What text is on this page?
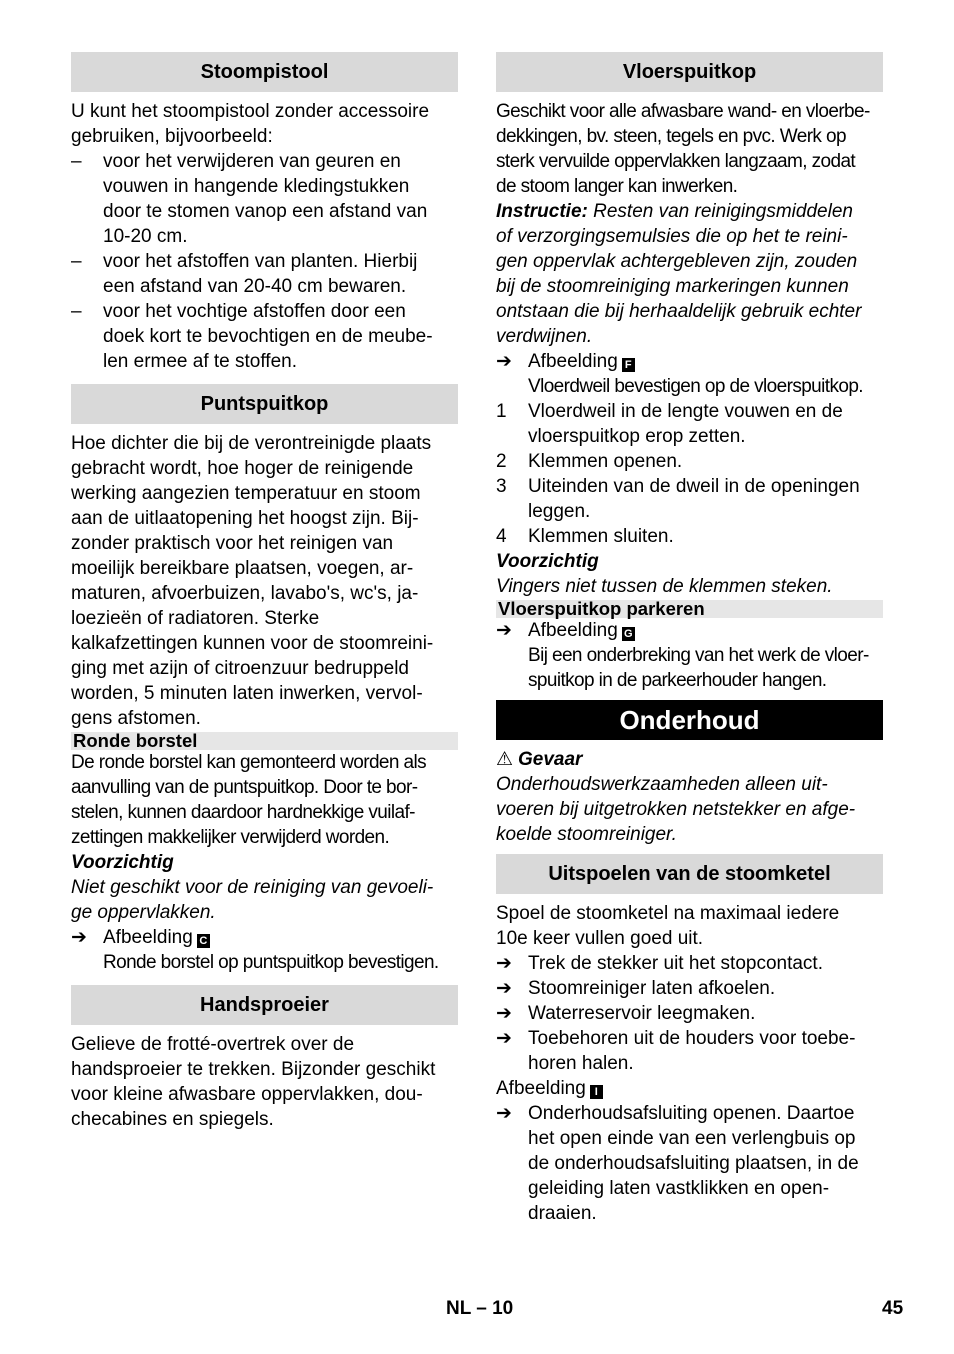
Stoompistool

U kunt het stoompistool zonder accessoire
gebruiken, bijvoorbeeld:

– voor het verwijderen van geuren en
vouwen in hangende kledingstukken
door te stomen vanop een afstand van
10-20 cm.
– voor het afstoffen van planten. Hierbij
een afstand van 20-40 cm bewaren.
– voor het vochtige afstoffen door een
doek kort te bevochtigen en de meube-
len ermee af te stoffen.
Puntspuitkop

Hoe dichter die bij de verontreinigde plaats
gebracht wordt, hoe hoger de reinigende
werking aangezien temperatuur en stoom
aan de uitlaatopening het hoogst zijn. Bij-
zonder praktisch voor het reinigen van
moeilijk bereikbare plaatsen, voegen, ar-
maturen, afvoerbuizen, lavabo's, wc's, ja-
loezieën of radiatoren. Sterke
kalkafzettingen kunnen voor de stoomreini-
ging met azijn of citroenzuur bedruppeld
worden, 5 minuten laten inwerken, vervol-
gens afstomen.

Ronde borstel

De ronde borstel kan gemonteerd worden als
aanvulling van de puntspuitkop. Door te bor-
stelen, kunnen daardoor hardnekkige vuilaf-
zettingen makkelijker verwijderd worden.

Voorzichtig

Niet geschikt voor de reiniging van gevoeli-
ge oppervlakken.

➔ Afbeelding C
Ronde borstel op puntspuitkop bevestigen.
Handsproeier

Gelieve de frotté-overtrek over de
handsproeier te trekken. Bijzonder geschikt
voor kleine afwasbare oppervlakken, dou-
checabines en spiegels.

Vloerspuitkop

Geschikt voor alle afwasbare wand- en vloerbe-
dekkingen, bv. steen, tegels en pvc. Werk op
sterk vervuilde oppervlakken langzaam, zodat
de stoom langer kan inwerken.

Instructie: Resten van reinigingsmiddelen
of verzorgingsemulsies die op het te reini-
gen oppervlak achtergebleven zijn, zouden
bij de stoomreiniging markeringen kunnen
ontstaan die bij herhaaldelijk gebruik echter
verdwijnen.

➔ Afbeelding F
Vloerdweil bevestigen op de vloerspuitkop.
1 Vloerdweil in de lengte vouwen en de
vloerspuitkop erop zetten.
2 Klemmen openen.
3 Uiteinden van de dweil in de openingen
leggen.
4 Klemmen sluiten.

Voorzichtig

Vingers niet tussen de klemmen steken.

Vloerspuitkop parkeren
➔ Afbeelding G
Bij een onderbreking van het werk de vloer-
spuitkop in de parkeerhouder hangen.
Onderhoud

⚠ Gevaar

Onderhoudswerkzaamheden alleen uit-
voeren bij uitgetrokken netstekker en afge-
koelde stoomreiniger.

Uitspoelen van de stoomketel

Spoel de stoomketel na maximaal iedere
10e keer vullen goed uit.

➔ Trek de stekker uit het stopcontact.
➔ Stoomreiniger laten afkoelen.
➔ Waterreservoir leegmaken.
➔ Toebehoren uit de houders voor toebe-
horen halen.

Afbeelding I

➔ Onderhoudsafsluiting openen. Daartoe
het open einde van een verlengbuis op
de onderhoudsafsluiting plaatsen, in de
geleiding laten vastklikken en open-
draaien.
NL – 10	45
